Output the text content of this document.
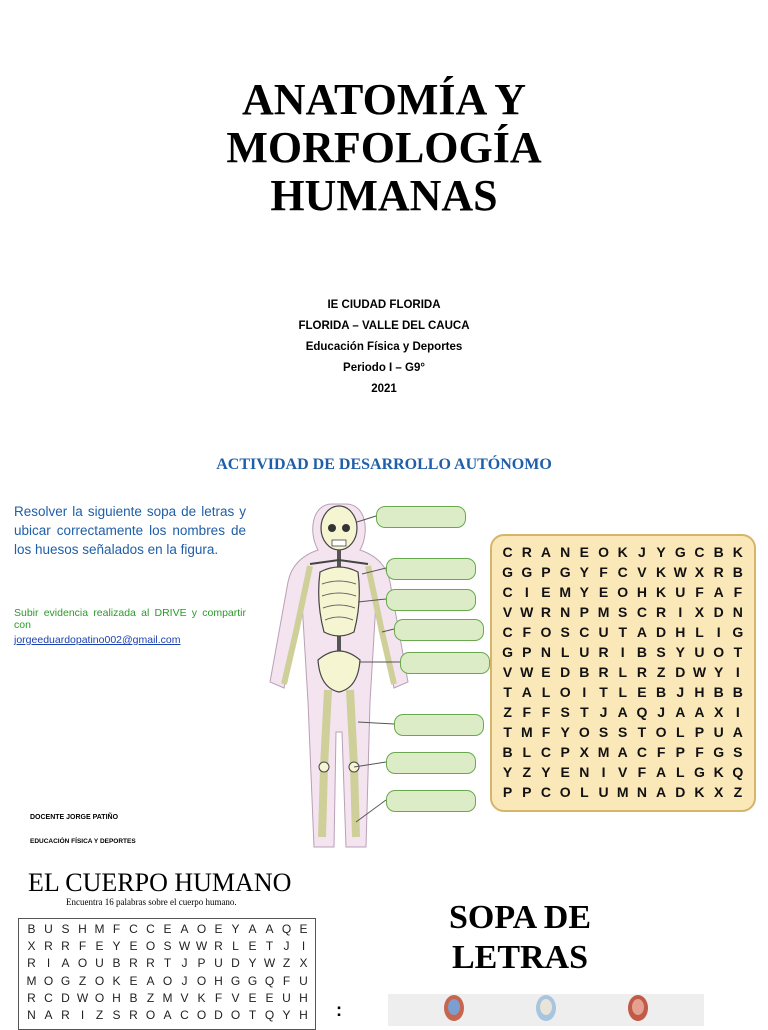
ANATOMÍA Y
MORFOLOGÍA
HUMANAS
IE CIUDAD FLORIDA
FLORIDA – VALLE DEL CAUCA
Educación Física y Deportes
Periodo I – G9°
2021
ACTIVIDAD DE DESARROLLO AUTÓNOMO
Resolver la siguiente sopa de letras y ubicar correctamente los nombres de los huesos señalados en la figura.
Subir evidencia realizada al DRIVE y compartir con
jorgeeduardopatino002@gmail.com
DOCENTE JORGE PATIÑO
EDUCACIÓN FÍSICA Y DEPORTES
C R A N E O K J Y G C B K
G G P G Y F C V K W X R B
C I E M Y E O H K U F A F
V W R N P M S C R I X D N
C F O S C U T A D H L I G
G P N L U R I B S Y U O T
V W E D B R L R Z D W Y I
T A L O I T L E B J H B B
Z F F S T J A Q J A A X I
T M F Y O S S T O L P U A
B L C P X M A C F P F G S
Y Z Y E N I V F A L G K Q
P P C O L U M N A D K X Z
EL CUERPO HUMANO
Encuentra 16 palabras sobre el cuerpo humano.
B U S H M F C C E A O E Y A A Q E
X R R F E Y E O S W W R L E T J	I
R I A O U B R R T J P U D Y W Z X
M O G Z O K E A O J O H G G Q F U
R C D W O H B Z M V K F V E E U H
N A R I Z S R O A C O D O T Q Y H :
SOPA DE
LETRAS
